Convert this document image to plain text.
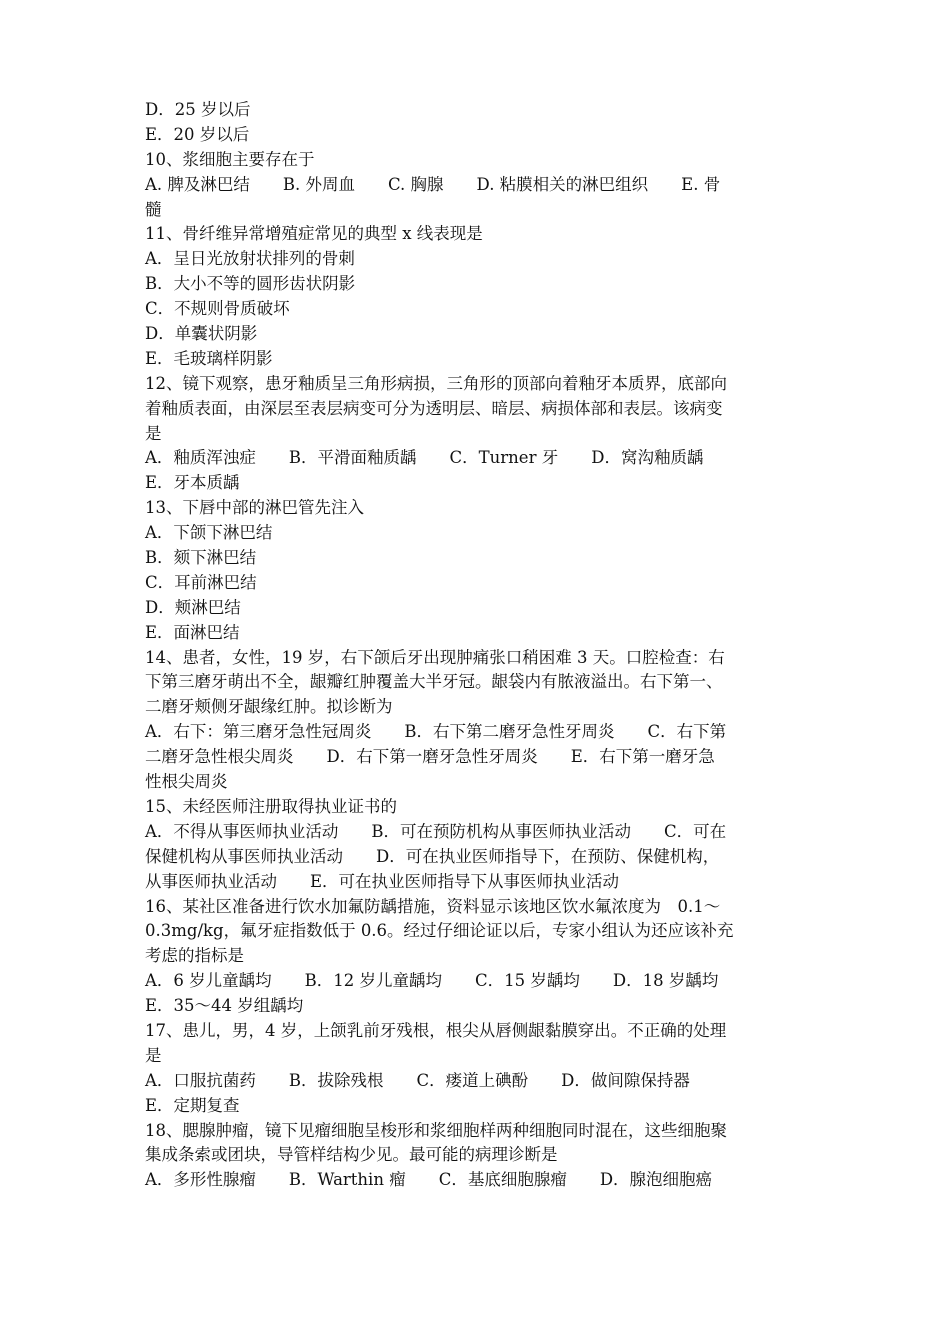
D．25 岁以后
E．20 岁以后
10、浆细胞主要存在于
A. 脾及淋巴结　　B. 外周血　　C. 胸腺　　D. 粘膜相关的淋巴组织　　E. 骨
髓
11、骨纤维异常增殖症常见的典型 x 线表现是
A．呈日光放射状排列的骨刺
B．大小不等的圆形齿状阴影
C．不规则骨质破坏
D．单囊状阴影
E．毛玻璃样阴影
12、镜下观察，患牙釉质呈三角形病损，三角形的顶部向着釉牙本质界，底部向
着釉质表面，由深层至表层病变可分为透明层、暗层、病损体部和表层。该病变
是
A．釉质浑浊症　　B．平滑面釉质龋　　C．Turner 牙　　D．窝沟釉质龋
E．牙本质龋
13、下唇中部的淋巴管先注入
A．下颌下淋巴结
B．颏下淋巴结
C．耳前淋巴结
D．颊淋巴结
E．面淋巴结
14、患者，女性，19 岁，右下颌后牙出现肿痛张口稍困难 3 天。口腔检查：右
下第三磨牙萌出不全，龈瓣红肿覆盖大半牙冠。龈袋内有脓液溢出。右下第一、
二磨牙颊侧牙龈缘红肿。拟诊断为
A．右下：第三磨牙急性冠周炎　　B．右下第二磨牙急性牙周炎　　C．右下第
二磨牙急性根尖周炎　　D．右下第一磨牙急性牙周炎　　E．右下第一磨牙急
性根尖周炎
15、未经医师注册取得执业证书的
A．不得从事医师执业活动　　B．可在预防机构从事医师执业活动　　C．可在
保健机构从事医师执业活动　　D．可在执业医师指导下，在预防、保健机构，
从事医师执业活动　　E．可在执业医师指导下从事医师执业活动
16、某社区准备进行饮水加氟防龋措施，资料显示该地区饮水氟浓度为　0.1～
0.3mg/kg，氟牙症指数低于 0.6。经过仔细论证以后，专家小组认为还应该补充
考虑的指标是
A．6 岁儿童龋均　　B．12 岁儿童龋均　　C．15 岁龋均　　D．18 岁龋均
E．35～44 岁组龋均
17、患儿，男，4 岁，上颌乳前牙残根，根尖从唇侧龈黏膜穿出。不正确的处理
是
A．口服抗菌药　　B．拔除残根　　C．瘘道上碘酚　　D．做间隙保持器
E．定期复查
18、腮腺肿瘤，镜下见瘤细胞呈梭形和浆细胞样两种细胞同时混在，这些细胞聚
集成条索或团块，导管样结构少见。最可能的病理诊断是
A．多形性腺瘤　　B．Warthin 瘤　　C．基底细胞腺瘤　　D．腺泡细胞癌
